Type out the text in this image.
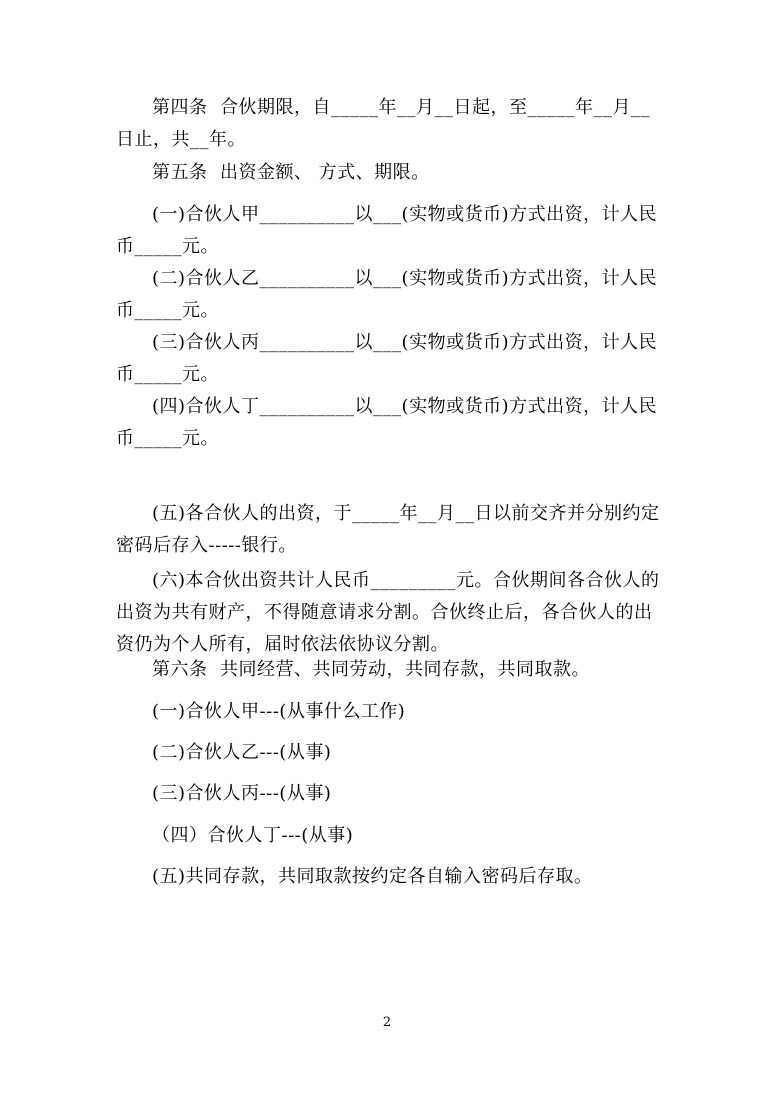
第四条  合伙期限，自_____年__月__日起，至_____年__月__日止，共__年。

第五条  出资金额、 方式、期限。

(一)合伙人甲__________以___(实物或货币)方式出资，计人民币_____元。

(二)合伙人乙__________以___(实物或货币)方式出资，计人民币_____元。

(三)合伙人丙__________以___(实物或货币)方式出资，计人民币_____元。

(四)合伙人丁__________以___(实物或货币)方式出资，计人民币_____元。

(五)各合伙人的出资，于_____年__月__日以前交齐并分别约定密码后存入-----银行。

(六)本合伙出资共计人民币_________元。合伙期间各合伙人的出资为共有财产，不得随意请求分割。合伙终止后，各合伙人的出资仍为个人所有，届时依法依协议分割。

第六条  共同经营、共同劳动，共同存款，共同取款。

(一)合伙人甲---(从事什么工作)

(二)合伙人乙---(从事)

(三)合伙人丙---(从事)

（四）合伙人丁---(从事)

(五)共同存款，共同取款按约定各自输入密码后存取。

2
